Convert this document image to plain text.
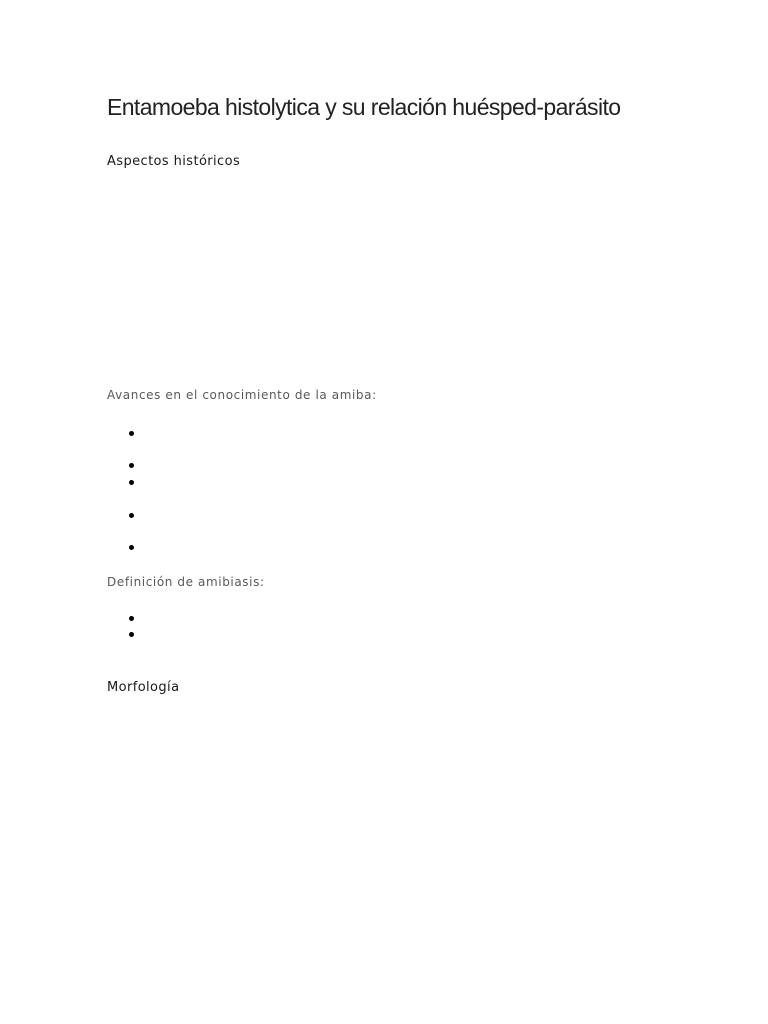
Entamoeba histolytica y su relación huésped-parásito
Aspectos históricos
Avances en el conocimiento de la amiba:
Definición de amibiasis:
Morfología
